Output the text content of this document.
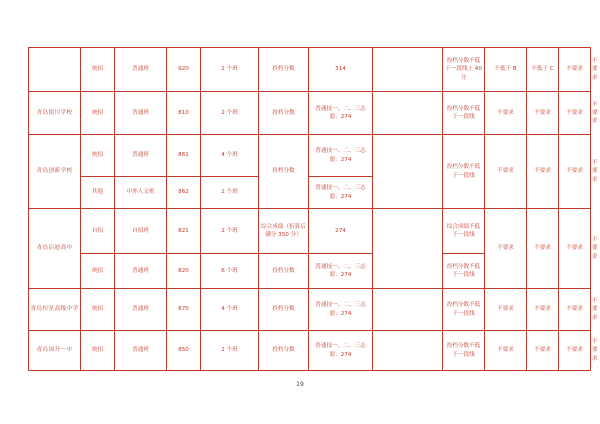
	统招	普通班	920	2 个班	投档分数	314		投档分数不低于一段线上 40 分	不低于 B	不低于 C	不要求	不要求
青岛银川学校	统招	普通班	810	2 个班	投档分数	普通技一、二、三志愿：274		投档分数不低于一段线	不要求	不要求	不要求	不要求
青岛创新学校	统招	普通班	861	4 个班	投档分数	普通技一、二、三志愿：274		投档分数不低于一段线	不要求	不要求	不要求	不要求
	其他	中外人文班	862	2 个班		普通技一、二、三志愿：274						
青岛启迪高中	自招	自招班	821	2 个班	综合成绩（折算后满分 350 分）	274		综合成绩不低于一段线	不要求	不要求	不要求	不要求
	统招	普通班	820	6 个班	投档分数	普通技一、二、三志愿：274		投档分数不低于一段线				
青岛恒星高级中学	统招	普通班	870	4 个班	投档分数	普通技一、二、三志愿：274		投档分数不低于一段线	不要求	不要求	不要求	不要求
青岛国开一中	统招	普通班	850	2 个班	投档分数	普通技一、二、三志愿：274		投档分数不低于一段线	不要求	不要求	不要求	不要求
19
